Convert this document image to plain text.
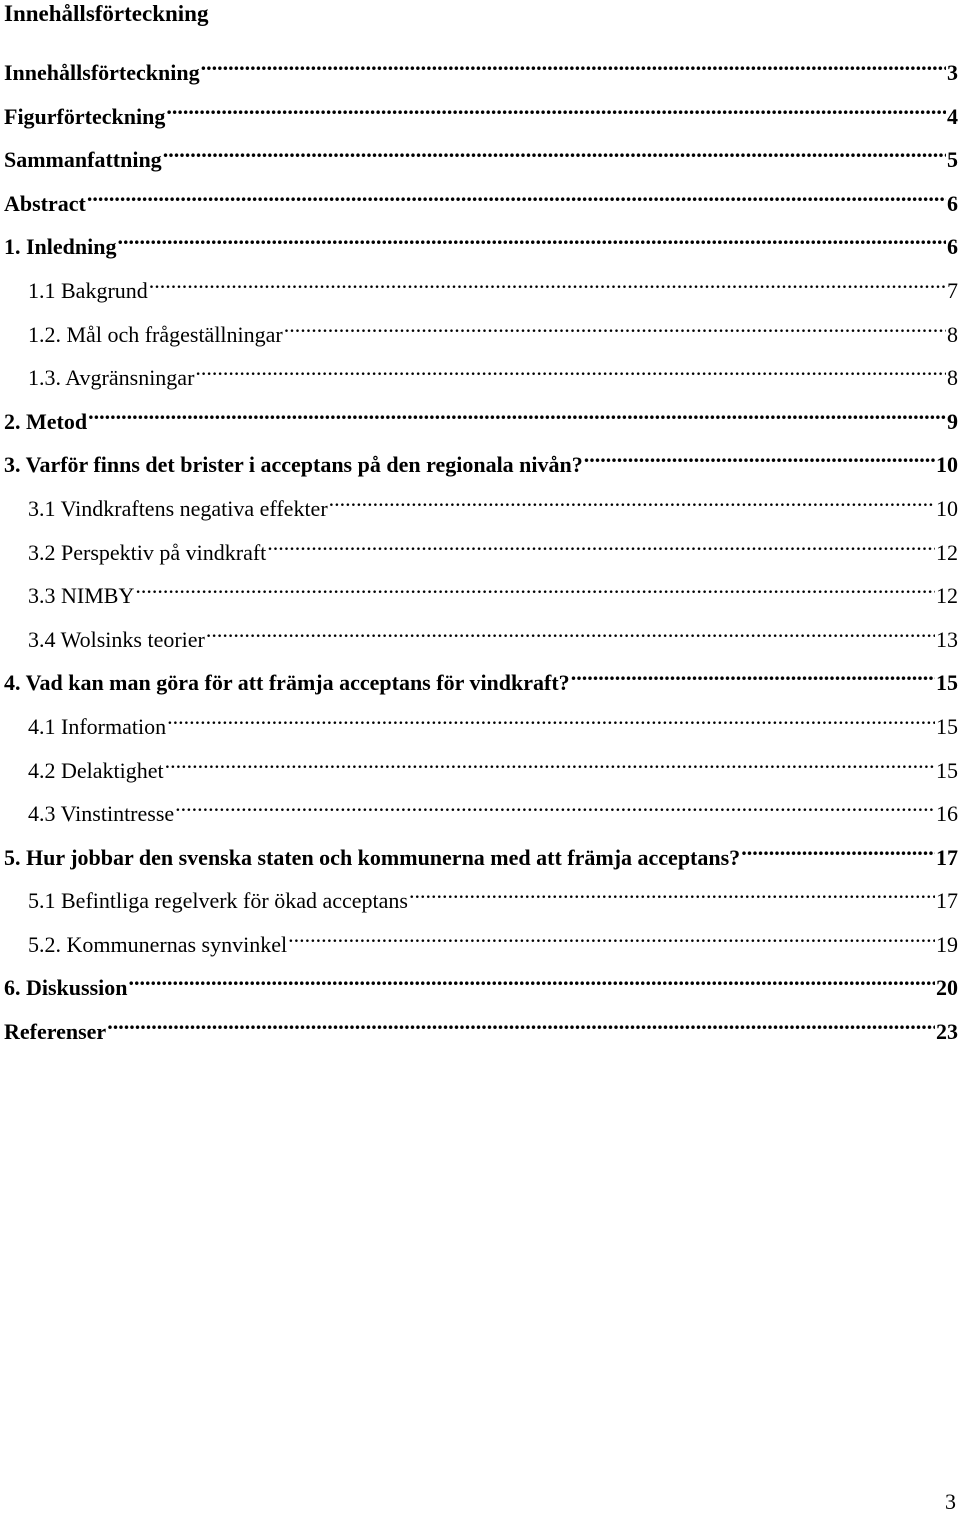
Innehållsförteckning
Innehållsförteckning .....	3
Figurförteckning .....	4
Sammanfattning .....	5
Abstract .....	6
1. Inledning .....	6
1.1 Bakgrund .....	7
1.2. Mål och frågeställningar .....	8
1.3. Avgränsningar .....	8
2. Metod .....	9
3. Varför finns det brister i acceptans på den regionala nivån? .....	10
3.1 Vindkraftens negativa effekter .....	10
3.2 Perspektiv på vindkraft .....	12
3.3 NIMBY .....	12
3.4 Wolsinks teorier .....	13
4. Vad kan man göra för att främja acceptans för vindkraft? .....	15
4.1 Information .....	15
4.2 Delaktighet .....	15
4.3 Vinstintresse .....	16
5. Hur jobbar den svenska staten och kommunerna med att främja acceptans? .....	17
5.1 Befintliga regelverk för ökad acceptans .....	17
5.2. Kommunernas synvinkel .....	19
6. Diskussion .....	20
Referenser .....	23
3
